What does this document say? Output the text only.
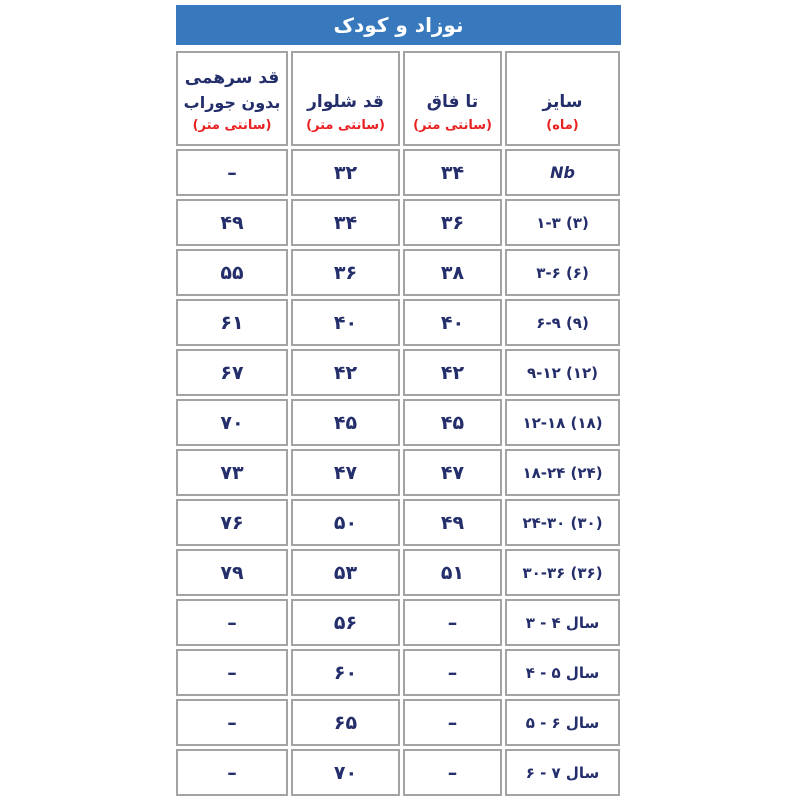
نوزاد و کودک
سایز
(ماه)
تا فاق
(سانتی متر)
قد شلوار
(سانتی متر)
قد سرهمی
بدون جوراب
(سانتی متر)
Nb
۳۴
۳۲
–
۱-۳ (۳)
۳۶
۳۴
۴۹
۳-۶ (۶)
۳۸
۳۶
۵۵
۶-۹ (۹)
۴۰
۴۰
۶۱
۹-۱۲ (۱۲)
۴۲
۴۲
۶۷
۱۲-۱۸ (۱۸)
۴۵
۴۵
۷۰
۱۸-۲۴ (۲۴)
۴۷
۴۷
۷۳
۲۴-۳۰ (۳۰)
۴۹
۵۰
۷۶
۳۰-۳۶ (۳۶)
۵۱
۵۳
۷۹
۳ - ۴ سال
–
۵۶
–
۴ - ۵ سال
–
۶۰
–
۵ - ۶ سال
–
۶۵
–
۶ - ۷ سال
–
۷۰
–
